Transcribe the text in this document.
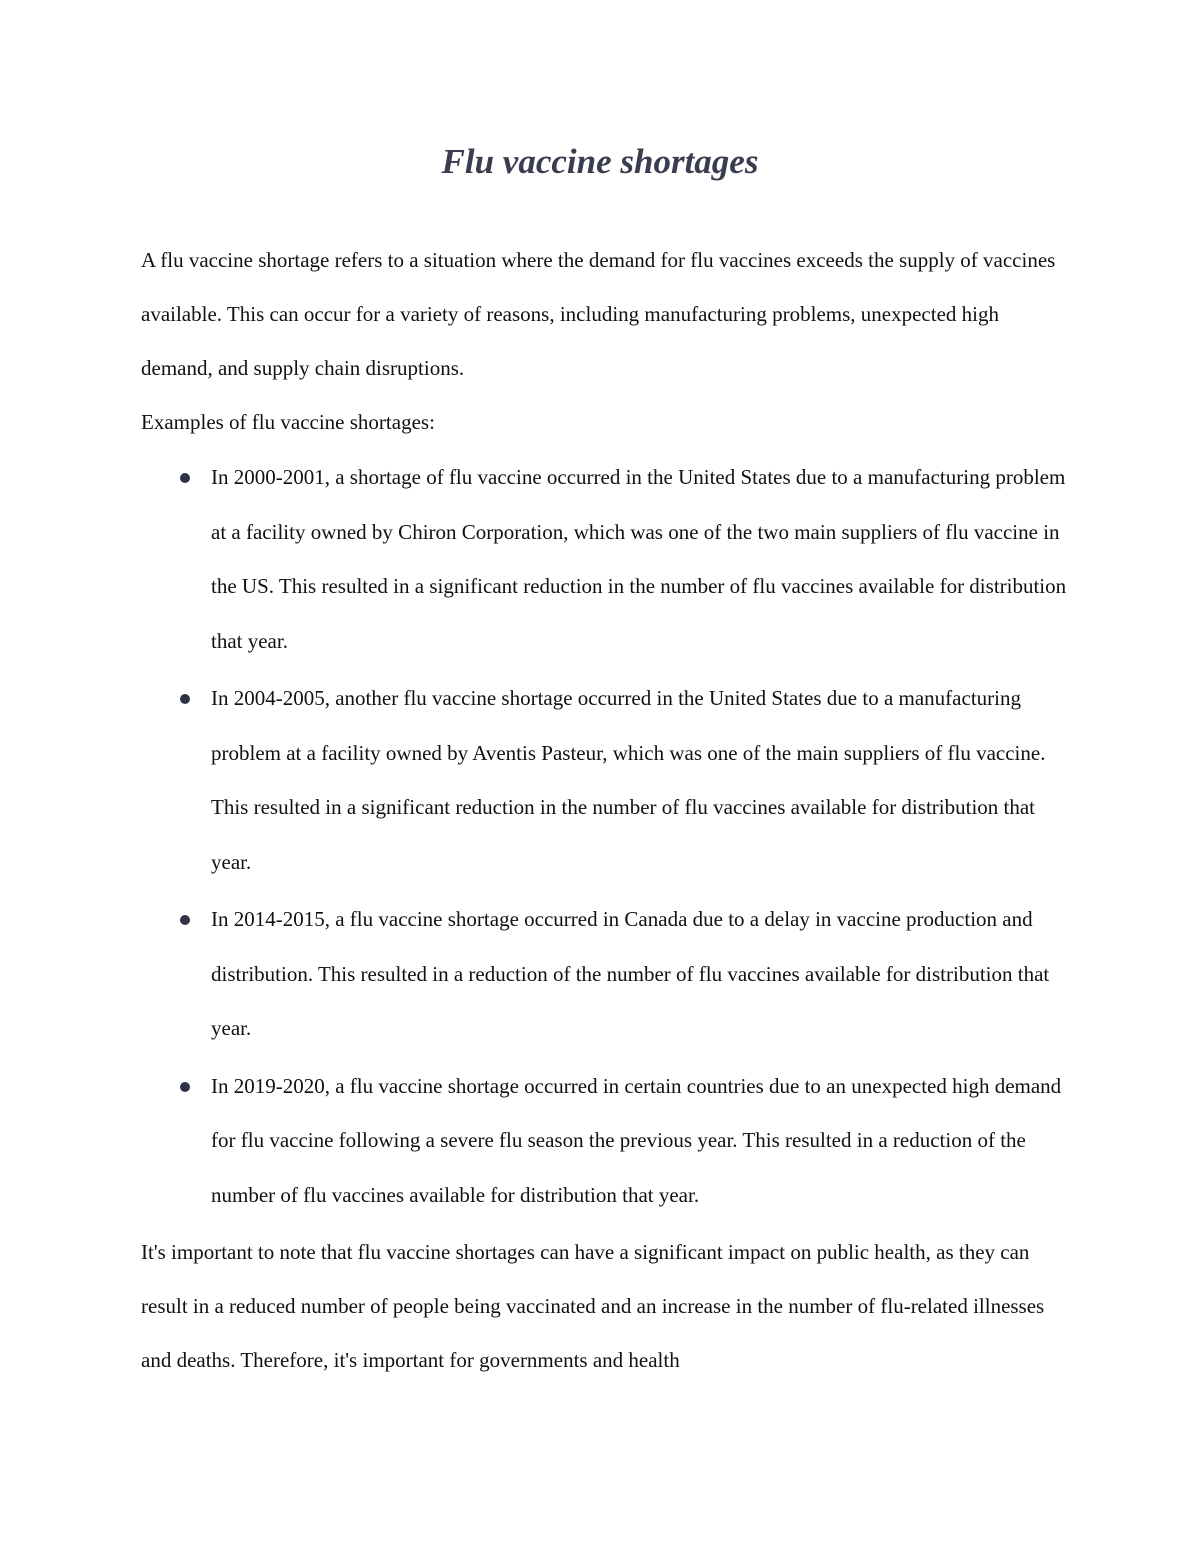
Flu vaccine shortages

A flu vaccine shortage refers to a situation where the demand for flu vaccines exceeds the supply of vaccines available. This can occur for a variety of reasons, including manufacturing problems, unexpected high demand, and supply chain disruptions.

Examples of flu vaccine shortages:

In 2000-2001, a shortage of flu vaccine occurred in the United States due to a manufacturing problem at a facility owned by Chiron Corporation, which was one of the two main suppliers of flu vaccine in the US. This resulted in a significant reduction in the number of flu vaccines available for distribution that year.
In 2004-2005, another flu vaccine shortage occurred in the United States due to a manufacturing problem at a facility owned by Aventis Pasteur, which was one of the main suppliers of flu vaccine. This resulted in a significant reduction in the number of flu vaccines available for distribution that year.
In 2014-2015, a flu vaccine shortage occurred in Canada due to a delay in vaccine production and distribution. This resulted in a reduction of the number of flu vaccines available for distribution that year.
In 2019-2020, a flu vaccine shortage occurred in certain countries due to an unexpected high demand for flu vaccine following a severe flu season the previous year. This resulted in a reduction of the number of flu vaccines available for distribution that year.

It's important to note that flu vaccine shortages can have a significant impact on public health, as they can result in a reduced number of people being vaccinated and an increase in the number of flu-related illnesses and deaths. Therefore, it's important for governments and health
